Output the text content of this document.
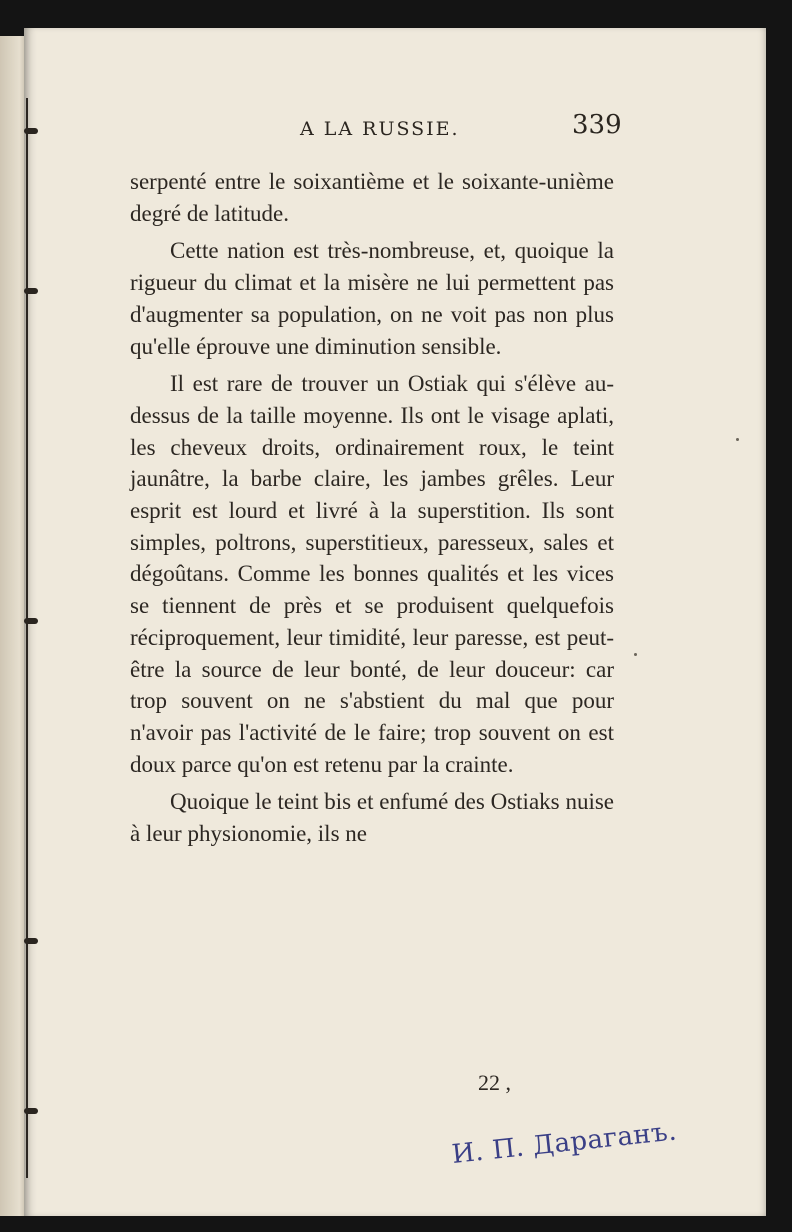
A LA RUSSIE.	339

serpenté entre le soixantième et le soixante-unième degré de latitude.

Cette nation est très-nombreuse, et, quoique la rigueur du climat et la misère ne lui permettent pas d'augmenter sa population, on ne voit pas non plus qu'elle éprouve une diminution sensible.

Il est rare de trouver un Ostiak qui s'élève au-dessus de la taille moyenne. Ils ont le visage aplati, les cheveux droits, ordinairement roux, le teint jaunâtre, la barbe claire, les jambes grêles. Leur esprit est lourd et livré à la superstition. Ils sont simples, poltrons, superstitieux, paresseux, sales et dégoûtans. Comme les bonnes qualités et les vices se tiennent de près et se produisent quelquefois réciproquement, leur timidité, leur paresse, est peut-être la source de leur bonté, de leur douceur: car trop souvent on ne s'abstient du mal que pour n'avoir pas l'activité de le faire; trop souvent on est doux parce qu'on est retenu par la crainte.

Quoique le teint bis et enfumé des Ostiaks nuise à leur physionomie, ils ne

22 ,
И. П. Дараганъ.
